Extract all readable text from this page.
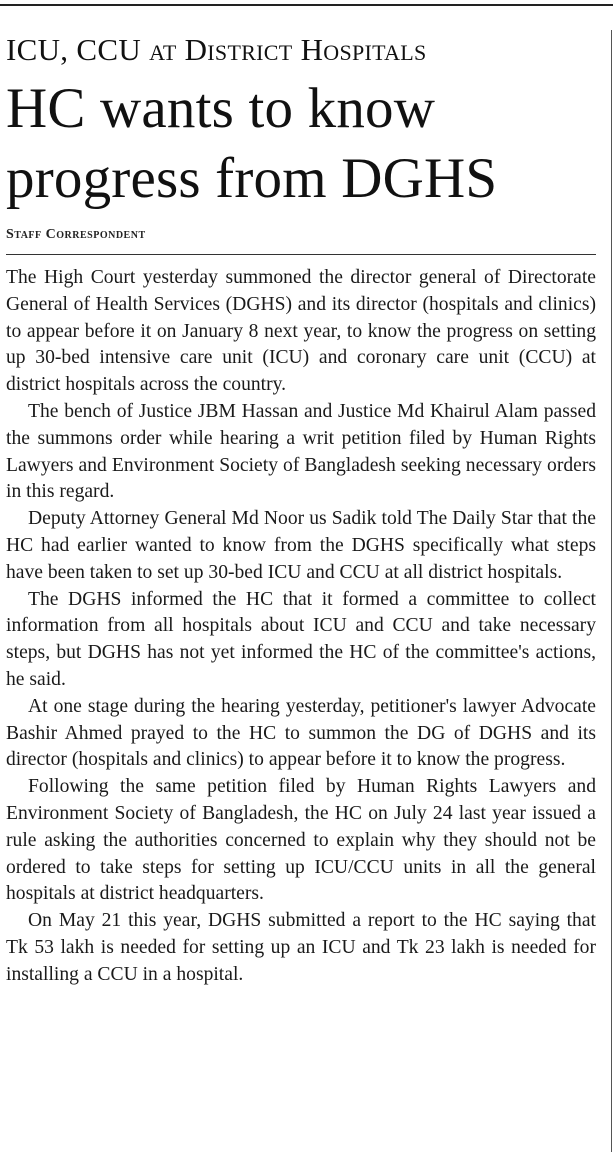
ICU, CCU at District Hospitals
HC wants to know progress from DGHS
Staff Correspondent

The High Court yesterday summoned the director general of Directorate General of Health Services (DGHS) and its director (hospitals and clinics) to appear before it on January 8 next year, to know the progress on setting up 30-bed intensive care unit (ICU) and coronary care unit (CCU) at district hospitals across the country.

The bench of Justice JBM Hassan and Justice Md Khairul Alam passed the summons order while hearing a writ petition filed by Human Rights Lawyers and Environment Society of Bangladesh seeking necessary orders in this regard.

Deputy Attorney General Md Noor us Sadik told The Daily Star that the HC had earlier wanted to know from the DGHS specifically what steps have been taken to set up 30-bed ICU and CCU at all district hospitals.

The DGHS informed the HC that it formed a committee to collect information from all hospitals about ICU and CCU and take necessary steps, but DGHS has not yet informed the HC of the committee's actions, he said.

At one stage during the hearing yesterday, petitioner's lawyer Advocate Bashir Ahmed prayed to the HC to summon the DG of DGHS and its director (hospitals and clinics) to appear before it to know the progress.

Following the same petition filed by Human Rights Lawyers and Environment Society of Bangladesh, the HC on July 24 last year issued a rule asking the authorities concerned to explain why they should not be ordered to take steps for setting up ICU/CCU units in all the general hospitals at district headquarters.

On May 21 this year, DGHS submitted a report to the HC saying that Tk 53 lakh is needed for setting up an ICU and Tk 23 lakh is needed for installing a CCU in a hospital.
